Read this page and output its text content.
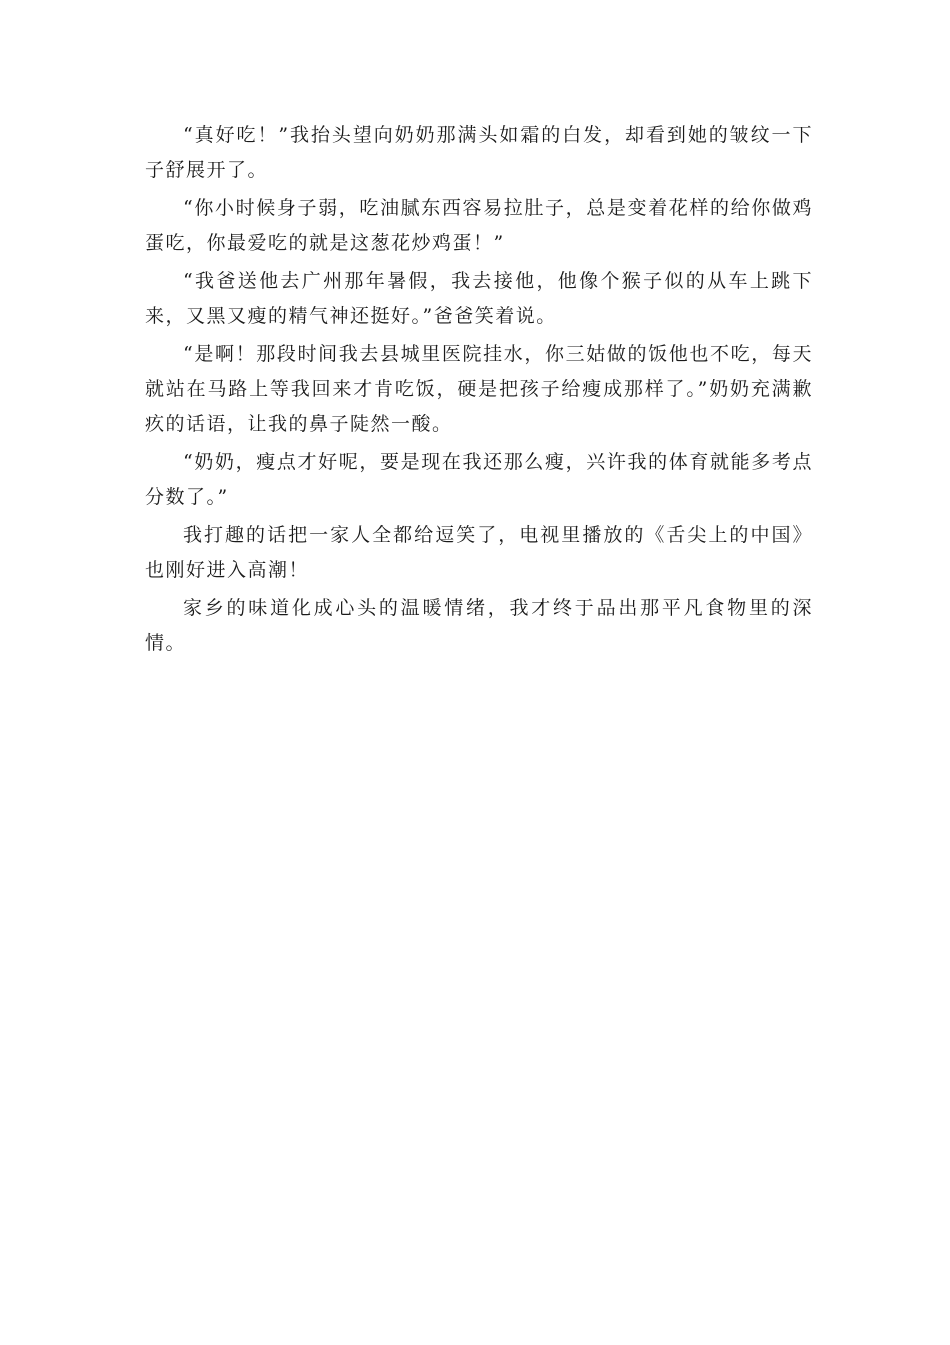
“真好吃！”我抬头望向奶奶那满头如霜的白发，却看到她的皱纹一下子舒展开了。

“你小时候身子弱，吃油腻东西容易拉肚子，总是变着花样的给你做鸡蛋吃，你最爱吃的就是这葱花炒鸡蛋！”

“我爸送他去广州那年暑假，我去接他，他像个猴子似的从车上跳下来，又黑又瘦的精气神还挺好。”爸爸笑着说。

“是啊！那段时间我去县城里医院挂水，你三姑做的饭他也不吃，每天就站在马路上等我回来才肯吃饭，硬是把孩子给瘦成那样了。”奶奶充满歉疚的话语，让我的鼻子陡然一酸。

“奶奶，瘦点才好呢，要是现在我还那么瘦，兴许我的体育就能多考点分数了。”

我打趣的话把一家人全都给逗笑了，电视里播放的《舌尖上的中国》也刚好进入高潮！

家乡的味道化成心头的温暖情绪，我才终于品出那平凡食物里的深情。
